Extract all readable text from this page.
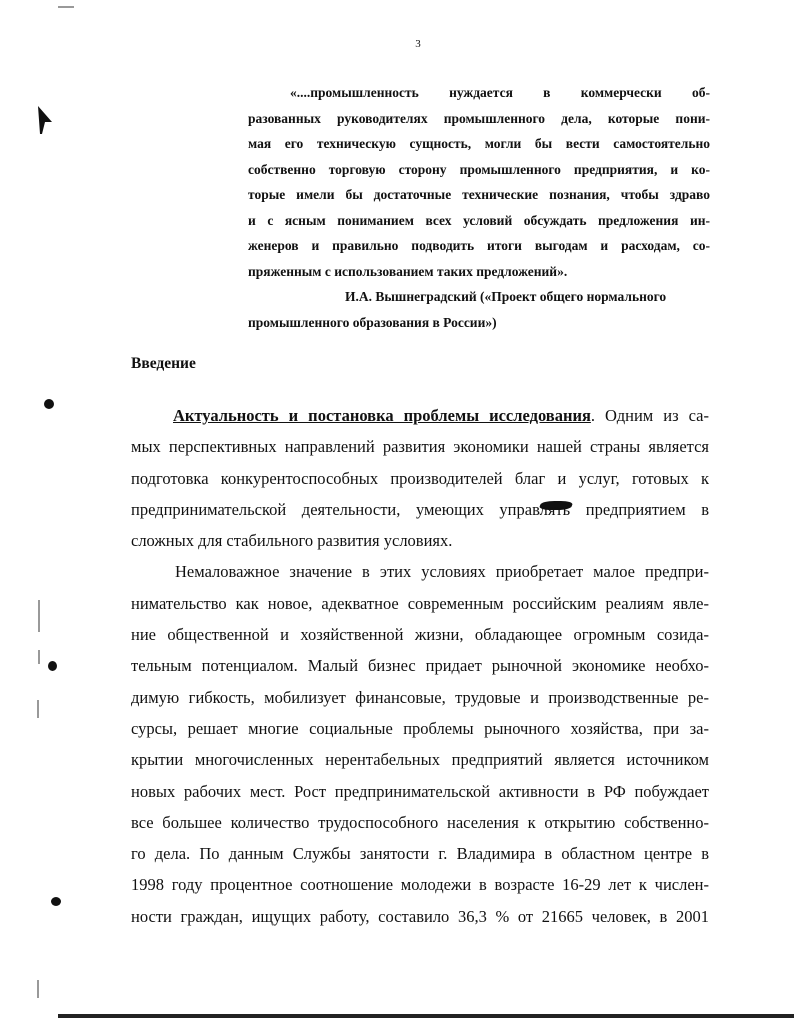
3
«....промышленность нуждается в коммерчески об-
разованных руководителях промышленного дела, которые пони-
мая его техническую сущность, могли бы вести самостоятельно
собственно торговую сторону промышленного предприятия, и ко-
торые имели бы достаточные технические познания, чтобы здраво
и с ясным пониманием всех условий обсуждать предложения ин-
женеров и правильно подводить итоги выгодам и расходам, со-
пряженным с использованием таких предложений».
И.А. Вышнеградский («Проект общего нормального
промышленного образования в России»)
Введение
Актуальность и постановка проблемы исследования. Одним из са-
мых перспективных направлений развития экономики нашей страны является
подготовка конкурентоспособных производителей благ и услуг, готовых к
предпринимательской деятельности, умеющих управлять предприятием в
сложных для стабильного развития условиях.
Немаловажное значение в этих условиях приобретает малое предпри-
нимательство как новое, адекватное современным российским реалиям явле-
ние общественной и хозяйственной жизни, обладающее огромным созида-
тельным потенциалом. Малый бизнес придает рыночной экономике необхо-
димую гибкость, мобилизует финансовые, трудовые и производственные ре-
сурсы, решает многие социальные проблемы рыночного хозяйства, при за-
крытии многочисленных нерентабельных предприятий является источником
новых рабочих мест. Рост предпринимательской активности в РФ побуждает
все большее количество трудоспособного населения к открытию собственно-
го дела. По данным Службы занятости г. Владимира в областном центре в
1998 году процентное соотношение молодежи в возрасте 16-29 лет к числен-
ности граждан, ищущих работу, составило 36,3 % от 21665 человек, в 2001
